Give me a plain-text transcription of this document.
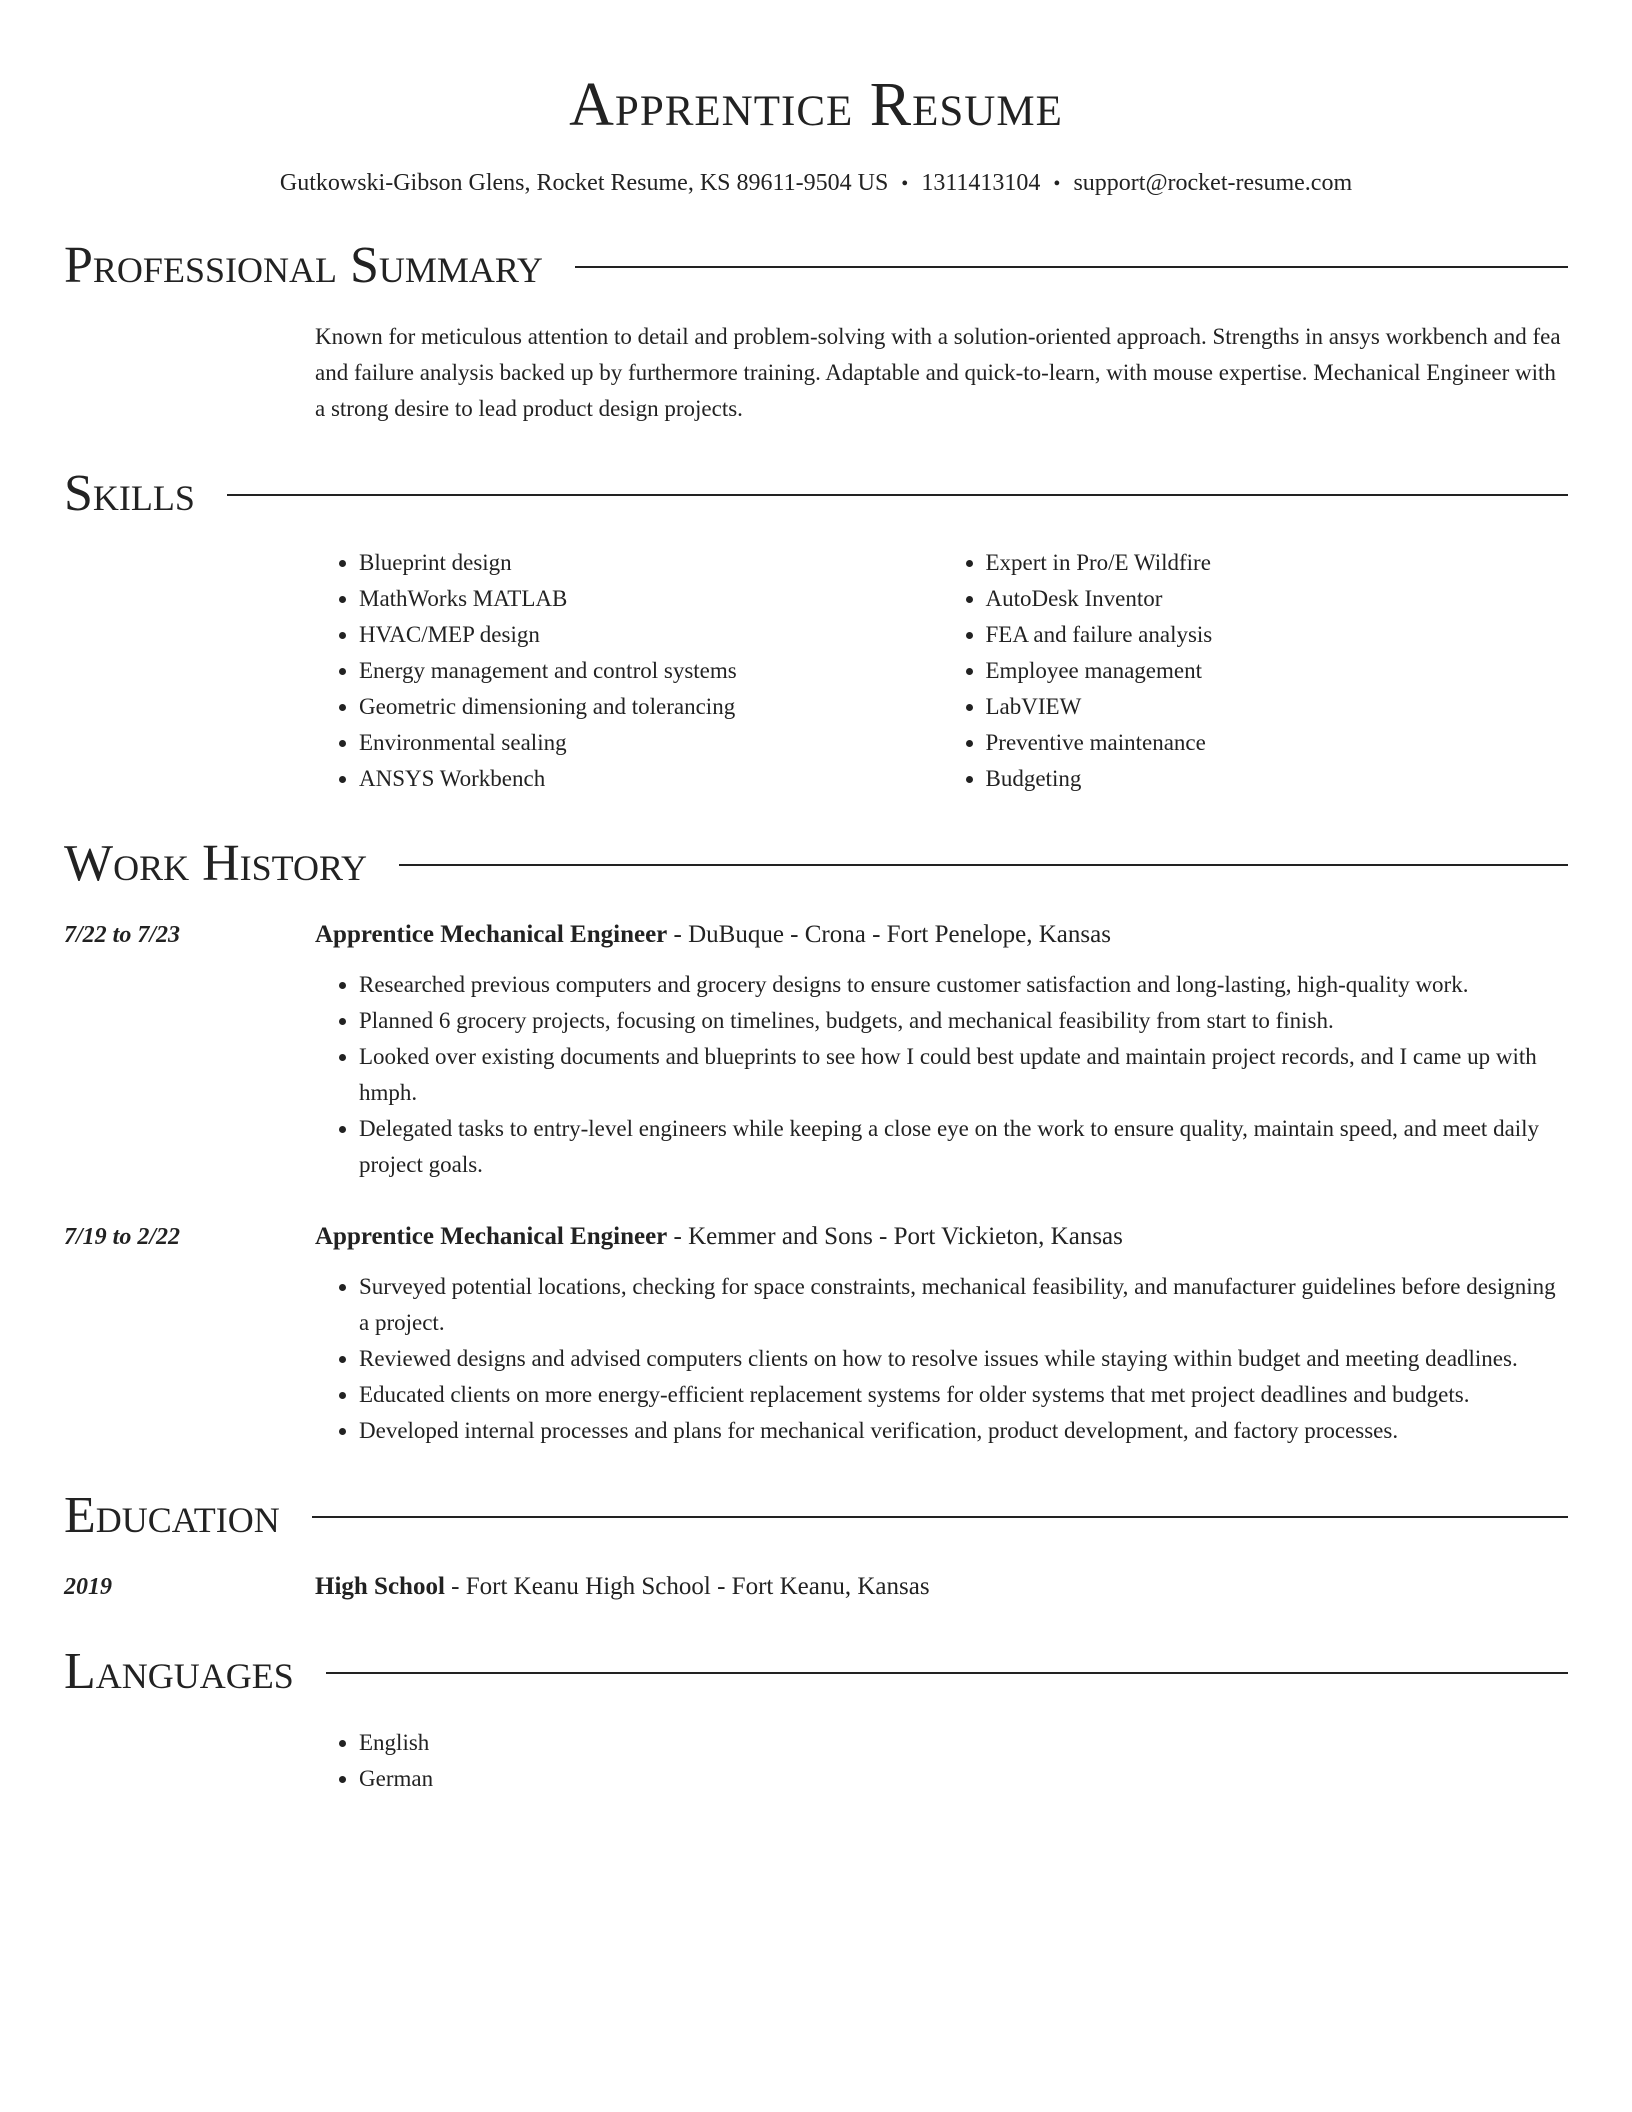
Apprentice Resume
Gutkowski-Gibson Glens, Rocket Resume, KS 89611-9504 US • 1311413104 • support@rocket-resume.com
Professional Summary
Known for meticulous attention to detail and problem-solving with a solution-oriented approach. Strengths in ansys workbench and fea and failure analysis backed up by furthermore training. Adaptable and quick-to-learn, with mouse expertise. Mechanical Engineer with a strong desire to lead product design projects.
Skills
• Blueprint design
• MathWorks MATLAB
• HVAC/MEP design
• Energy management and control systems
• Geometric dimensioning and tolerancing
• Environmental sealing
• ANSYS Workbench
• Expert in Pro/E Wildfire
• AutoDesk Inventor
• FEA and failure analysis
• Employee management
• LabVIEW
• Preventive maintenance
• Budgeting
Work History
7/22 to 7/23	Apprentice Mechanical Engineer - DuBuque - Crona - Fort Penelope, Kansas
• Researched previous computers and grocery designs to ensure customer satisfaction and long-lasting, high-quality work.
• Planned 6 grocery projects, focusing on timelines, budgets, and mechanical feasibility from start to finish.
• Looked over existing documents and blueprints to see how I could best update and maintain project records, and I came up with hmph.
• Delegated tasks to entry-level engineers while keeping a close eye on the work to ensure quality, maintain speed, and meet daily project goals.
7/19 to 2/22	Apprentice Mechanical Engineer - Kemmer and Sons - Port Vickieton, Kansas
• Surveyed potential locations, checking for space constraints, mechanical feasibility, and manufacturer guidelines before designing a project.
• Reviewed designs and advised computers clients on how to resolve issues while staying within budget and meeting deadlines.
• Educated clients on more energy-efficient replacement systems for older systems that met project deadlines and budgets.
• Developed internal processes and plans for mechanical verification, product development, and factory processes.
Education
2019	High School - Fort Keanu High School - Fort Keanu, Kansas
Languages
• English
• German
